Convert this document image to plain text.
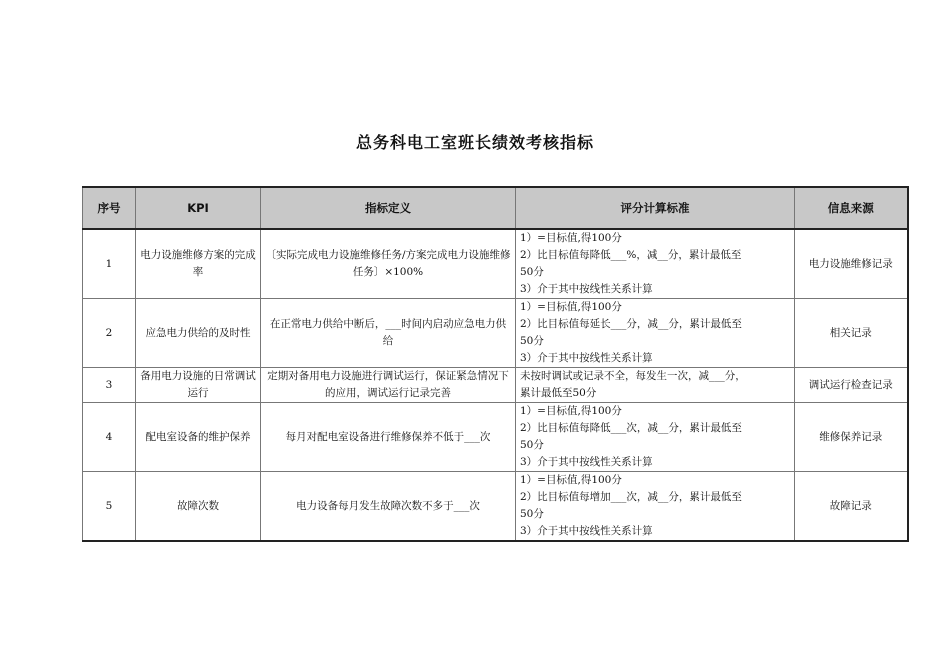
总务科电工室班长绩效考核指标
序号	KPI	指标定义	评分计算标准	信息来源
1	电力设施维修方案的完成率	〔实际完成电力设施维修任务/方案完成电力设施维修任务〕×100%	1）=目标值,得100分
2）比目标值每降低___%，减__分，累计最低至
50分
3）介于其中按线性关系计算	电力设施维修记录
2	应急电力供给的及时性	在正常电力供给中断后，___时间内启动应急电力供给	1）=目标值,得100分
2）比目标值每延长___分，减__分，累计最低至
50分
3）介于其中按线性关系计算	相关记录
3	备用电力设施的日常调试运行	定期对备用电力设施进行调试运行，保证紧急情况下的应用，调试运行记录完善	未按时调试或记录不全，每发生一次，减___分，
累计最低至50分	调试运行检查记录
4	配电室设备的维护保养	每月对配电室设备进行维修保养不低于___次	1）=目标值,得100分
2）比目标值每降低___次，减__分，累计最低至
50分
3）介于其中按线性关系计算	维修保养记录
5	故障次数	电力设备每月发生故障次数不多于___次	1）=目标值,得100分
2）比目标值每增加___次，减__分，累计最低至
50分
3）介于其中按线性关系计算	故障记录
